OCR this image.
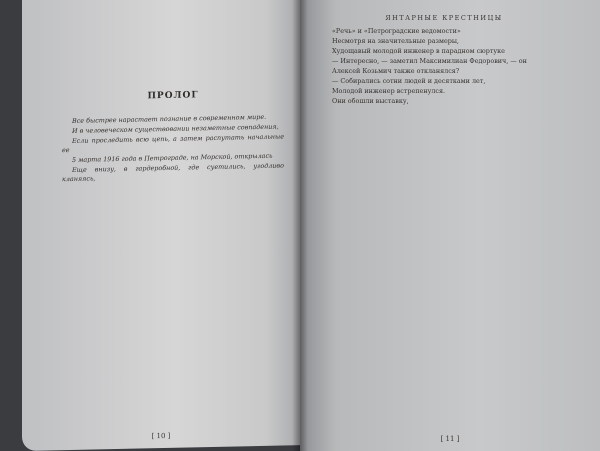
ПРОЛОГ

Все быстрее нарастает познание в современном мире.

И в человеческом существовании незаметные совпадения,

Если проследить всю цепь, а затем распутать начальные ее

5 марта 1916 года в Петрограде, на Морской, открылась

Еще внизу, в гардеробной, где суетились, угодливо кланяясь,

[ 10 ]
ЯНТАРНЫЕ КРЕСТНИЦЫ

«Речь» и «Петроградские ведомости»

Несмотря на значительные размеры,

Худощавый молодой инженер в парадном сюртуке

— Интересно, — заметил Максимилиан Федорович, — он

Алексей Козьмич также откланялся?

— Собирались сотни людей и десятками лет,

Молодой инженер встрепенулся.

Они обошли выставку,

[ 11 ]
